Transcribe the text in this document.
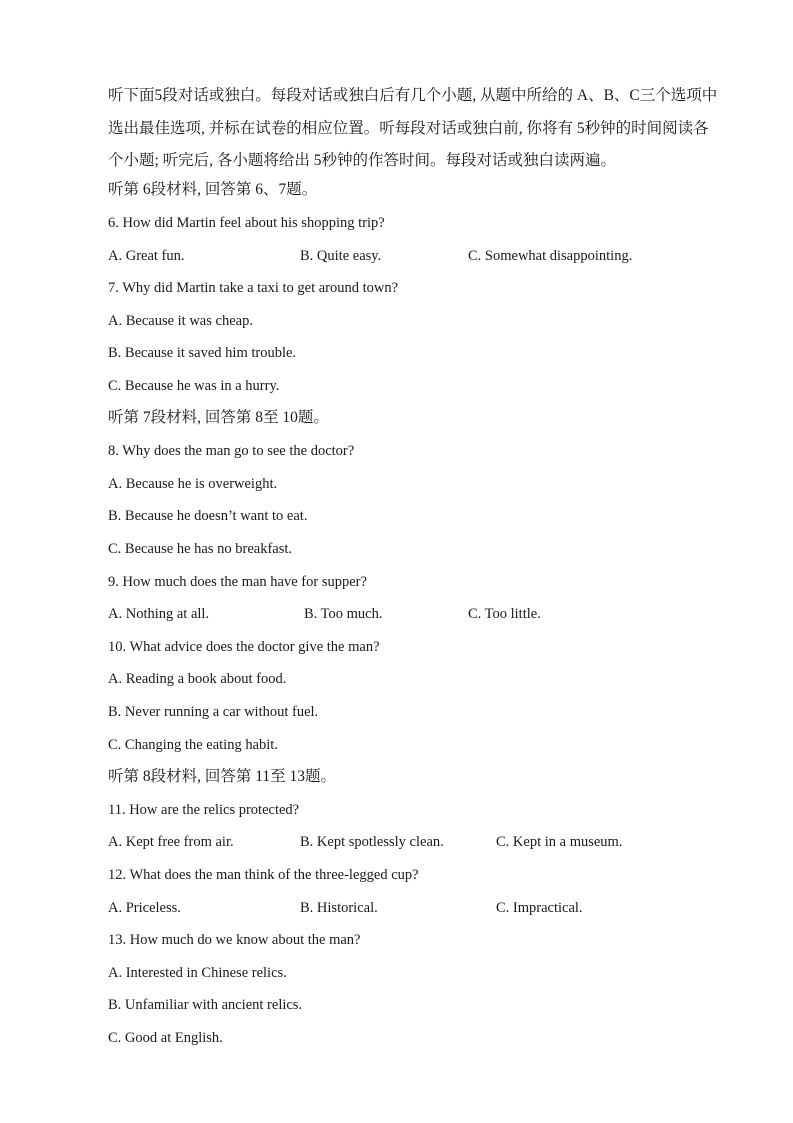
听下面5段对话或独白。每段对话或独白后有几个小题, 从题中所给的 A、B、C三个选项中选出最佳选项, 并标在试卷的相应位置。听每段对话或独白前, 你将有 5秒钟的时间阅读各个小题; 听完后, 各小题将给出 5秒钟的作答时间。每段对话或独白读两遍。

听第 6段材料, 回答第 6、7题。
6. How did Martin feel about his shopping trip?
A. Great fun.	B. Quite easy.	C. Somewhat disappointing.
7. Why did Martin take a taxi to get around town?
A. Because it was cheap.
B. Because it saved him trouble.
C. Because he was in a hurry.
听第 7段材料, 回答第 8至 10题。
8. Why does the man go to see the doctor?
A. Because he is overweight.
B. Because he doesn’t want to eat.
C. Because he has no breakfast.
9. How much does the man have for supper?
A. Nothing at all.	B. Too much.	C. Too little.
10. What advice does the doctor give the man?
A. Reading a book about food.
B. Never running a car without fuel.
C. Changing the eating habit.
听第 8段材料, 回答第 11至 13题。
11. How are the relics protected?
A. Kept free from air.	B. Kept spotlessly clean.	C. Kept in a museum.
12. What does the man think of the three-legged cup?
A. Priceless.	B. Historical.	C. Impractical.
13. How much do we know about the man?
A. Interested in Chinese relics.
B. Unfamiliar with ancient relics.
C. Good at English.
